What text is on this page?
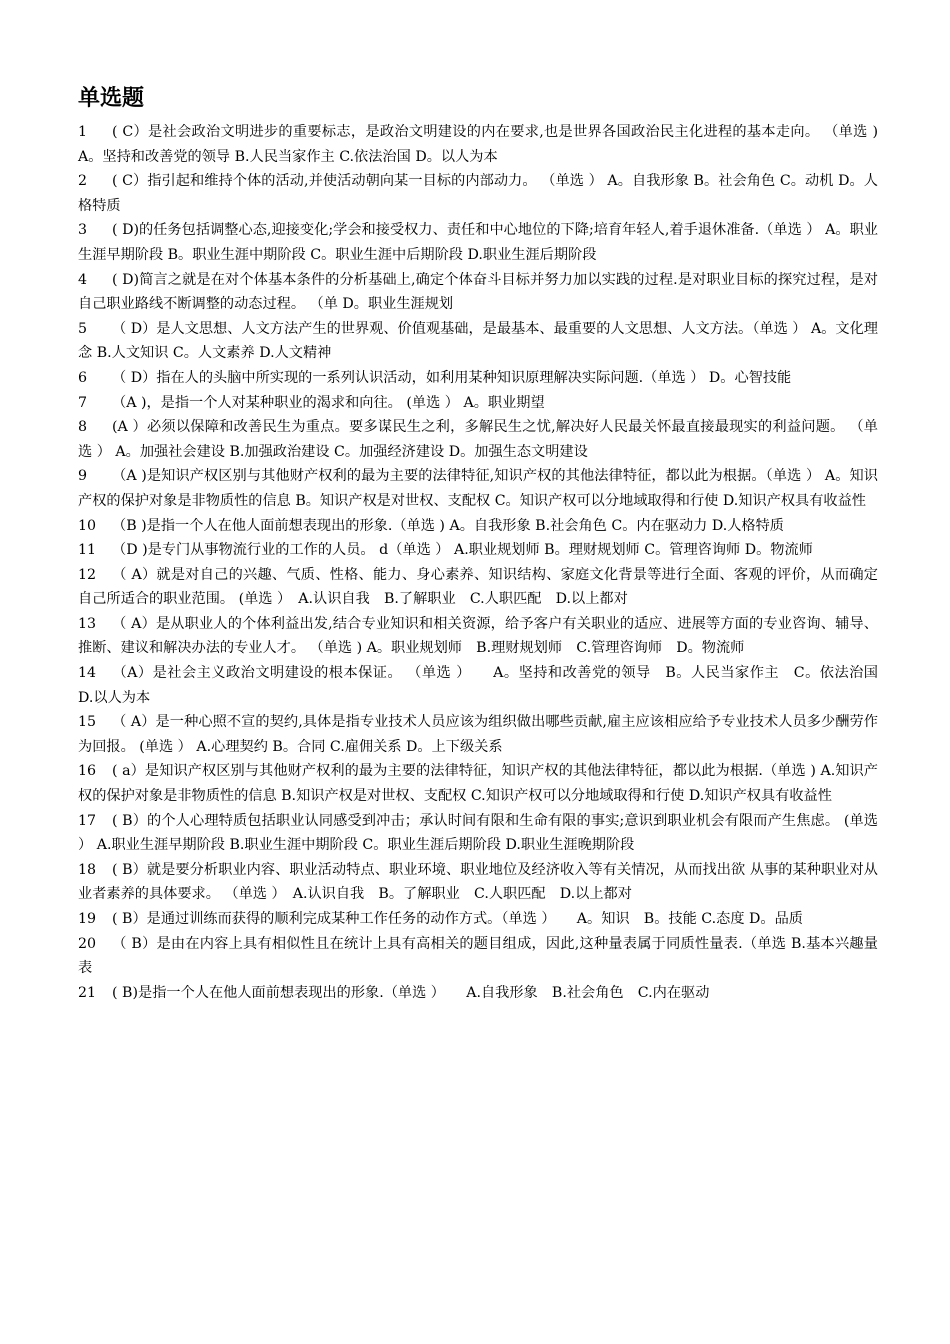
单选题

1 ( C）是社会政治文明进步的重要标志，是政治文明建设的内在要求,也是世界各国政治民主化进程的基本走向。 （单选 ) A。坚持和改善党的领导 B.人民当家作主 C.依法治国 D。以人为本

2 ( C）指引起和维持个体的活动,并使活动朝向某一目标的内部动力。 （单选 ） A。自我形象 B。社会角色 C。动机 D。人格特质

3 ( D)的任务包括调整心态,迎接变化;学会和接受权力、责任和中心地位的下降;培育年轻人,着手退休准备.（单选 ） A。职业生涯早期阶段 B。职业生涯中期阶段 C。职业生涯中后期阶段 D.职业生涯后期阶段

4 ( D)简言之就是在对个体基本条件的分析基础上,确定个体奋斗目标并努力加以实践的过程.是对职业目标的探究过程，是对自己职业路线不断调整的动态过程。 （单 D。职业生涯规划

5 （ D）是人文思想、人文方法产生的世界观、价值观基础，是最基本、最重要的人文思想、人文方法。（单选 ） A。文化理念 B.人文知识 C。人文素养 D.人文精神

6 （ D）指在人的头脑中所实现的一系列认识活动，如利用某种知识原理解决实际问题.（单选 ） D。心智技能

7 （A )，是指一个人对某种职业的渴求和向往。 (单选 ） A。职业期望

8 (A ）必须以保障和改善民生为重点。要多谋民生之利，多解民生之忧,解决好人民最关怀最直接最现实的利益问题。 （单选 ） A。加强社会建设 B.加强政治建设 C。加强经济建设 D。加强生态文明建设

9 （A )是知识产权区别与其他财产权利的最为主要的法律特征,知识产权的其他法律特征，都以此为根据。（单选 ） A。知识产权的保护对象是非物质性的信息 B。知识产权是对世权、支配权 C。知识产权可以分地域取得和行使 D.知识产权具有收益性

10 （B )是指一个人在他人面前想表现出的形象.（单选 ) A。自我形象 B.社会角色 C。内在驱动力 D.人格特质

11 （D )是专门从事物流行业的工作的人员。 d（单选 ） A.职业规划师 B。理财规划师 C。管理咨询师 D。物流师

12 （ A）就是对自己的兴趣、气质、性格、能力、身心素养、知识结构、家庭文化背景等进行全面、客观的评价，从而确定自己所适合的职业范围。 (单选 ）　A.认识自我　B.了解职业　C.人职匹配　D.以上都对

13 （ A）是从职业人的个体利益出发,结合专业知识和相关资源，给予客户有关职业的适应、进展等方面的专业咨询、辅导、推断、建议和解决办法的专业人才。 （单选 ) A。职业规划师　B.理财规划师　C.管理咨询师　D。物流师

14 （A）是社会主义政治文明建设的根本保证。 （单选 ）　　A。坚持和改善党的领导　B。人民当家作主　C。依法治国　D.以人为本

15 （ A）是一种心照不宣的契约,具体是指专业技术人员应该为组织做出哪些贡献,雇主应该相应给予专业技术人员多少酬劳作为回报。 (单选 ） A.心理契约 B。合同 C.雇佣关系 D。上下级关系

16 ( a）是知识产权区别与其他财产权利的最为主要的法律特征，知识产权的其他法律特征，都以此为根据.（单选 ) A.知识产权的保护对象是非物质性的信息 B.知识产权是对世权、支配权 C.知识产权可以分地域取得和行使 D.知识产权具有收益性

17 ( B）的个人心理特质包括职业认同感受到冲击；承认时间有限和生命有限的事实;意识到职业机会有限而产生焦虑。 (单选 ） A.职业生涯早期阶段 B.职业生涯中期阶段 C。职业生涯后期阶段 D.职业生涯晚期阶段

18 ( B）就是要分析职业内容、职业活动特点、职业环境、职业地位及经济收入等有关情况，从而找出欲 从事的某种职业对从业者素养的具体要求。 （单选 ）　A.认识自我　B。了解职业　C.人职匹配　D.以上都对

19 ( B）是通过训练而获得的顺利完成某种工作任务的动作方式。（单选 ）　　A。知识　B。技能 C.态度 D。品质

20 （ B）是由在内容上具有相似性且在统计上具有高相关的题目组成，因此,这种量表属于同质性量表.（单选 B.基本兴趣量表

21 ( B)是指一个人在他人面前想表现出的形象.（单选 ）　　A.自我形象　B.社会角色　C.内在驱动
